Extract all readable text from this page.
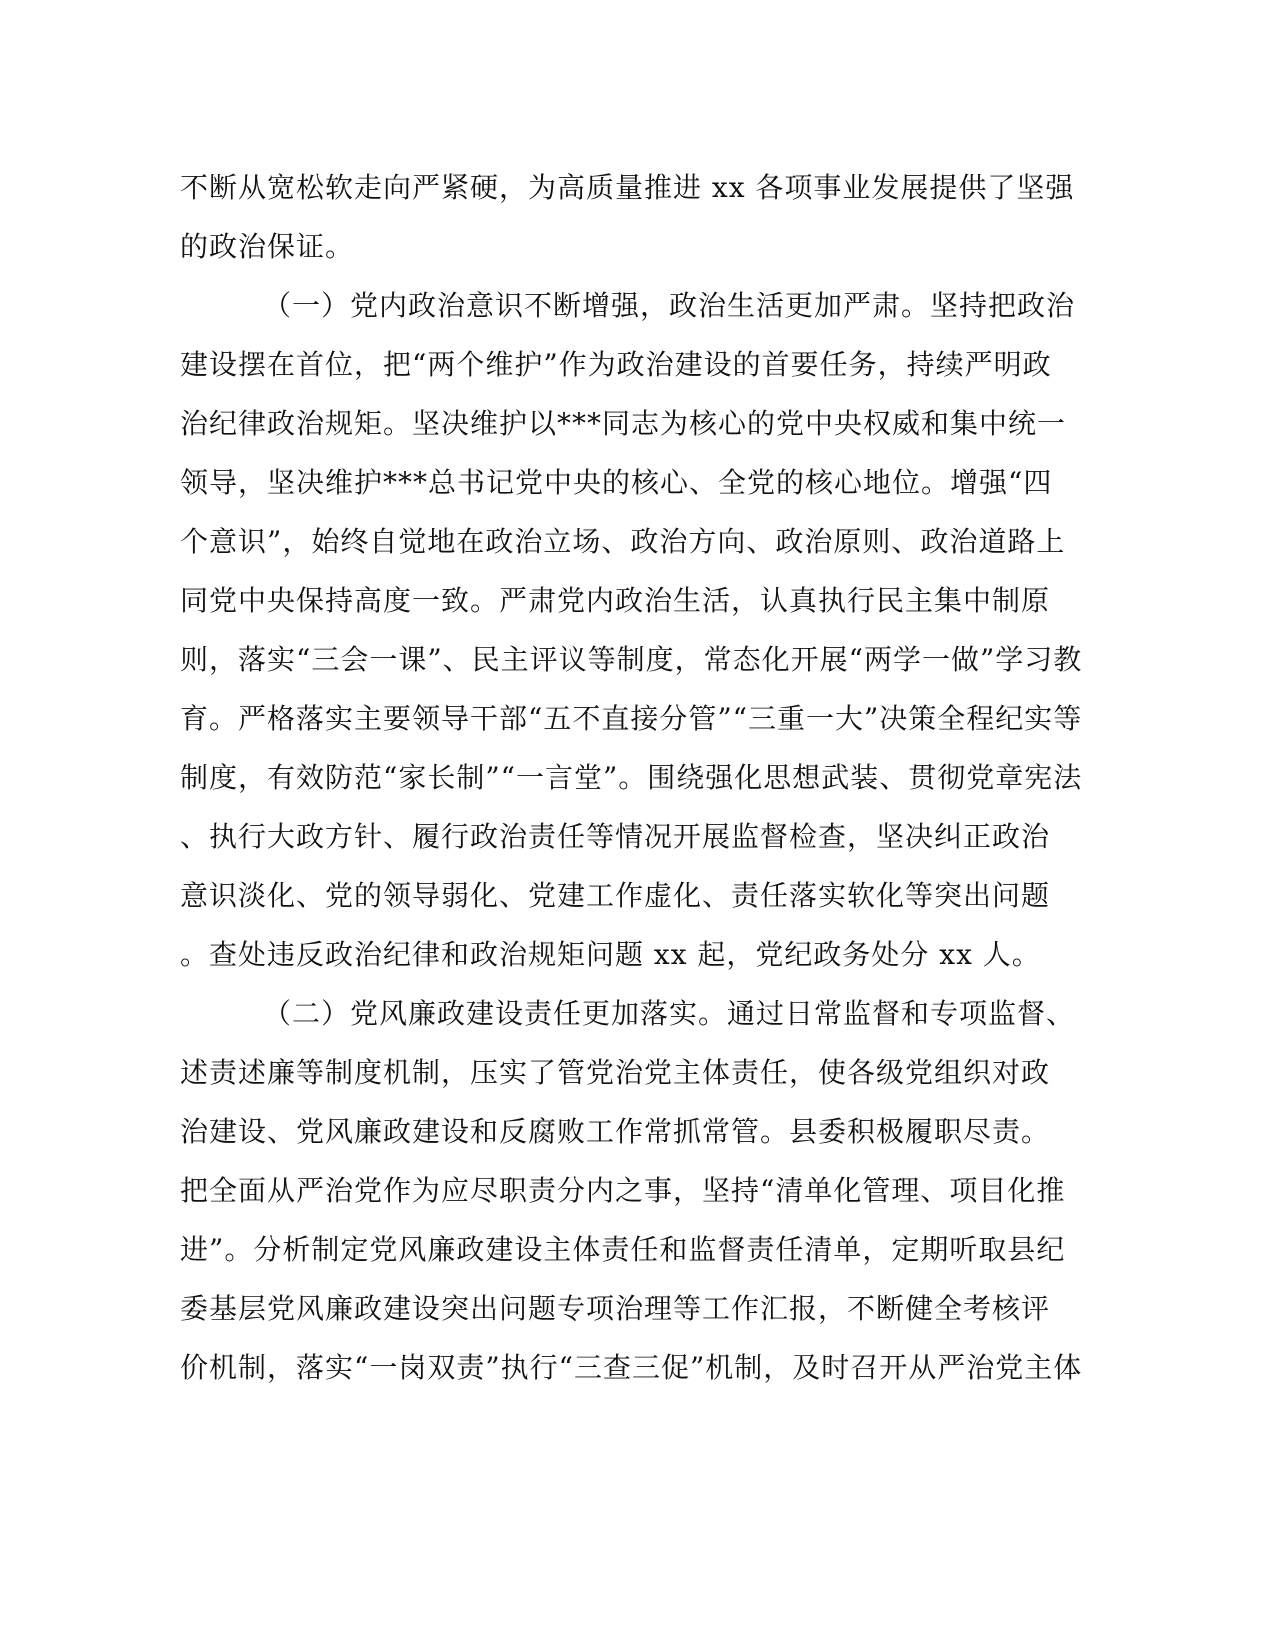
不断从宽松软走向严紧硬，为高质量推进 xx 各项事业发展提供了坚强
的政治保证。
（一）党内政治意识不断增强，政治生活更加严肃。坚持把政治
建设摆在首位，把“两个维护”作为政治建设的首要任务，持续严明政
治纪律政治规矩。坚决维护以***同志为核心的党中央权威和集中统一
领导，坚决维护***总书记党中央的核心、全党的核心地位。增强“四
个意识”，始终自觉地在政治立场、政治方向、政治原则、政治道路上
同党中央保持高度一致。严肃党内政治生活，认真执行民主集中制原
则，落实“三会一课”、民主评议等制度，常态化开展“两学一做”学习教
育。严格落实主要领导干部“五不直接分管”“三重一大”决策全程纪实等
制度，有效防范“家长制”“一言堂”。围绕强化思想武装、贯彻党章宪法
、执行大政方针、履行政治责任等情况开展监督检查，坚决纠正政治
意识淡化、党的领导弱化、党建工作虚化、责任落实软化等突出问题
。查处违反政治纪律和政治规矩问题 xx 起，党纪政务处分 xx 人。
（二）党风廉政建设责任更加落实。通过日常监督和专项监督、
述责述廉等制度机制，压实了管党治党主体责任，使各级党组织对政
治建设、党风廉政建设和反腐败工作常抓常管。县委积极履职尽责。
把全面从严治党作为应尽职责分内之事，坚持“清单化管理、项目化推
进”。分析制定党风廉政建设主体责任和监督责任清单，定期听取县纪
委基层党风廉政建设突出问题专项治理等工作汇报，不断健全考核评
价机制，落实“一岗双责”执行“三查三促”机制，及时召开从严治党主体
